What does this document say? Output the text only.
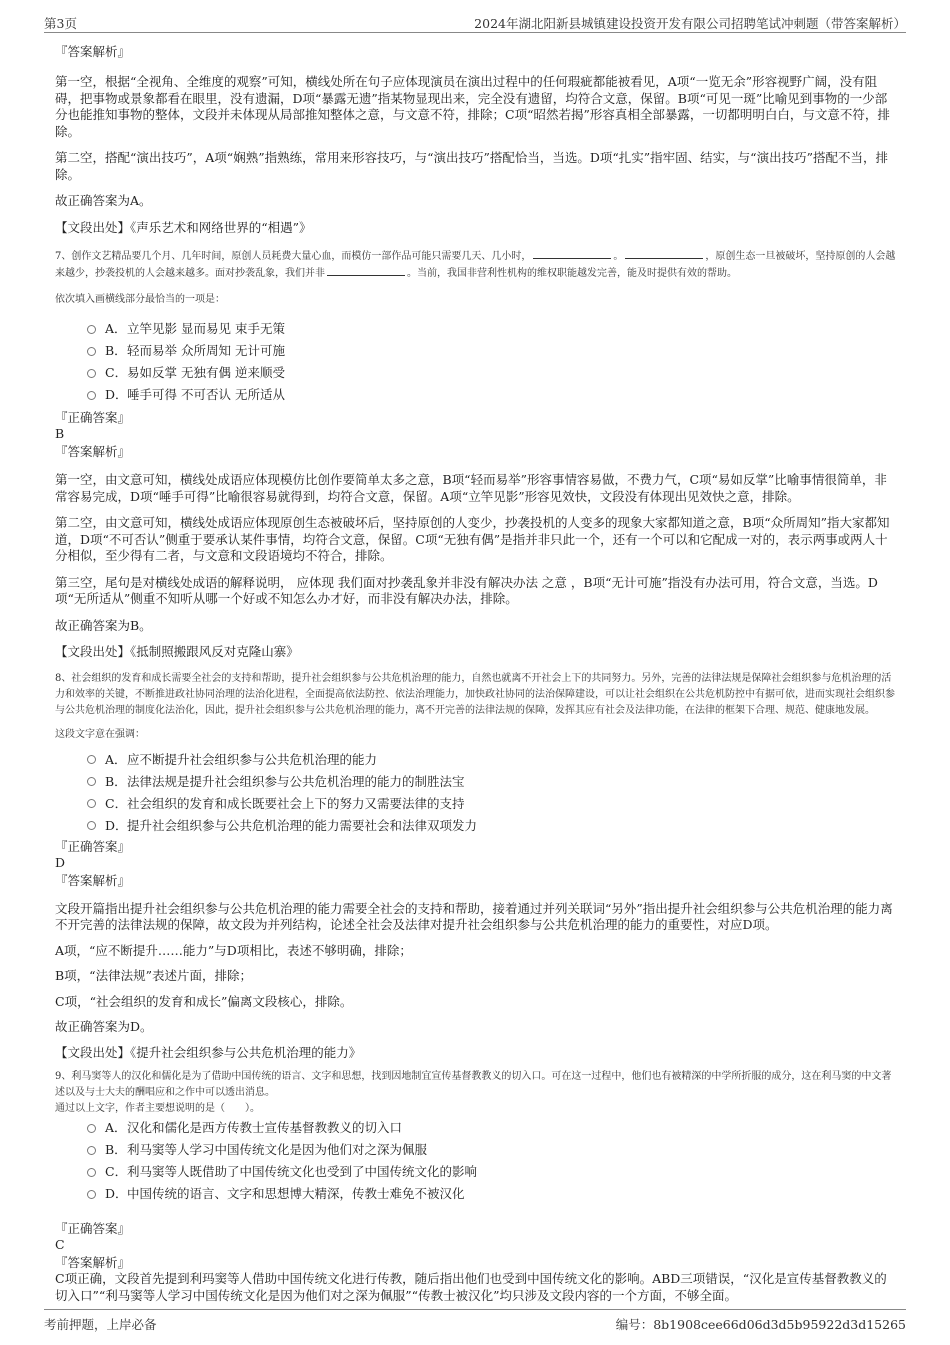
第3页	2024年湖北阳新县城镇建设投资开发有限公司招聘笔试冲刺题（带答案解析）

『答案解析』

第一空，根据“全视角、全维度的观察”可知，横线处所在句子应体现演员在演出过程中的任何瑕疵都能被看见，A项“一览无余”形容视野广阔，没有阻碍，把事物或景象都看在眼里，没有遗漏，D项“暴露无遗”指某物显现出来，完全没有遗留，均符合文意，保留。B项“可见一斑”比喻见到事物的一少部分也能推知事物的整体，文段并未体现从局部推知整体之意，与文意不符，排除；C项“昭然若揭”形容真相全部暴露，一切都明明白白，与文意不符，排除。

第二空，搭配“演出技巧”，A项“娴熟”指熟练，常用来形容技巧，与“演出技巧”搭配恰当，当选。D项“扎实”指牢固、结实，与“演出技巧”搭配不当，排除。

故正确答案为A。

【文段出处】《声乐艺术和网络世界的“相遇”》

7、创作文艺精品要几个月、几年时间，原创人员耗费大量心血，而模仿一部作品可能只需要几天、几小时，	。	，原创生态一旦被破坏，坚持原创的人会越来越少，抄袭投机的人会越来越多。面对抄袭乱象，我们并非	。当前，我国非营利性机构的维权职能越发完善，能及时提供有效的帮助。

依次填入画横线部分最恰当的一项是：

A． 立竿见影 显而易见 束手无策
B． 轻而易举 众所周知 无计可施
C． 易如反掌 无独有偶 逆来顺受
D． 唾手可得 不可否认 无所适从

『正确答案』

B

『答案解析』

第一空，由文意可知，横线处成语应体现模仿比创作要简单太多之意，B项“轻而易举”形容事情容易做，不费力气，C项“易如反掌”比喻事情很简单，非常容易完成，D项“唾手可得”比喻很容易就得到，均符合文意，保留。A项“立竿见影”形容见效快，文段没有体现出见效快之意，排除。

第二空，由文意可知，横线处成语应体现原创生态被破坏后，坚持原创的人变少，抄袭投机的人变多的现象大家都知道之意，B项“众所周知”指大家都知道，D项“不可否认”侧重于要承认某件事情，均符合文意，保留。C项“无独有偶”是指并非只此一个，还有一个可以和它配成一对的，表示两事或两人十分相似，至少得有二者，与文意和文段语境均不符合，排除。

第三空，尾句是对横线处成语的解释说明， 应体现 我们面对抄袭乱象并非没有解决办法 之意 ，B项“无计可施”指没有办法可用，符合文意，当选。D项“无所适从”侧重不知听从哪一个好或不知怎么办才好，而非没有解决办法，排除。

故正确答案为B。

【文段出处】《抵制照搬跟风反对克隆山寨》

8、社会组织的发育和成长需要全社会的支持和帮助，提升社会组织参与公共危机治理的能力，自然也就离不开社会上下的共同努力。另外，完善的法律法规是保障社会组织参与危机治理的活力和效率的关键，不断推进政社协同治理的法治化进程，全面提高依法防控、依法治理能力，加快政社协同的法治保障建设，可以让社会组织在公共危机防控中有据可依，进而实现社会组织参与公共危机治理的制度化法治化，因此，提升社会组织参与公共危机治理的能力，离不开完善的法律法规的保障，发挥其应有社会及法律功能，在法律的框架下合理、规范、健康地发展。

这段文字意在强调：

A． 应不断提升社会组织参与公共危机治理的能力
B． 法律法规是提升社会组织参与公共危机治理的能力的制胜法宝
C． 社会组织的发育和成长既要社会上下的努力又需要法律的支持
D． 提升社会组织参与公共危机治理的能力需要社会和法律双项发力

『正确答案』

D

『答案解析』

文段开篇指出提升社会组织参与公共危机治理的能力需要全社会的支持和帮助，接着通过并列关联词“另外”指出提升社会组织参与公共危机治理的能力离不开完善的法律法规的保障，故文段为并列结构，论述全社会及法律对提升社会组织参与公共危机治理的能力的重要性，对应D项。

A项，“应不断提升……能力”与D项相比，表述不够明确，排除；

B项，“法律法规”表述片面，排除；

C项，“社会组织的发育和成长”偏离文段核心，排除。

故正确答案为D。

【文段出处】《提升社会组织参与公共危机治理的能力》

9、利马窦等人的汉化和儒化是为了借助中国传统的语言、文字和思想，找到因地制宜宣传基督教教义的切入口。可在这一过程中，他们也有被精深的中学所折服的成分，这在利马窦的中文著述以及与士大夫的酬唱应和之作中可以透出消息。

通过以上文字，作者主要想说明的是（　　）。

A． 汉化和儒化是西方传教士宣传基督教教义的切入口
B． 利马窦等人学习中国传统文化是因为他们对之深为佩服
C． 利马窦等人既借助了中国传统文化也受到了中国传统文化的影响
D． 中国传统的语言、文字和思想博大精深，传教士难免不被汉化

『正确答案』

C

『答案解析』

C项正确，文段首先提到利玛窦等人借助中国传统文化进行传教，随后指出他们也受到中国传统文化的影响。ABD三项错误，“汉化是宣传基督教教义的切入口”“利马窦等人学习中国传统文化是因为他们对之深为佩服”“传教士被汉化”均只涉及文段内容的一个方面，不够全面。

考前押题，上岸必备	编号：8b1908cee66d06d3d5b95922d3d15265
